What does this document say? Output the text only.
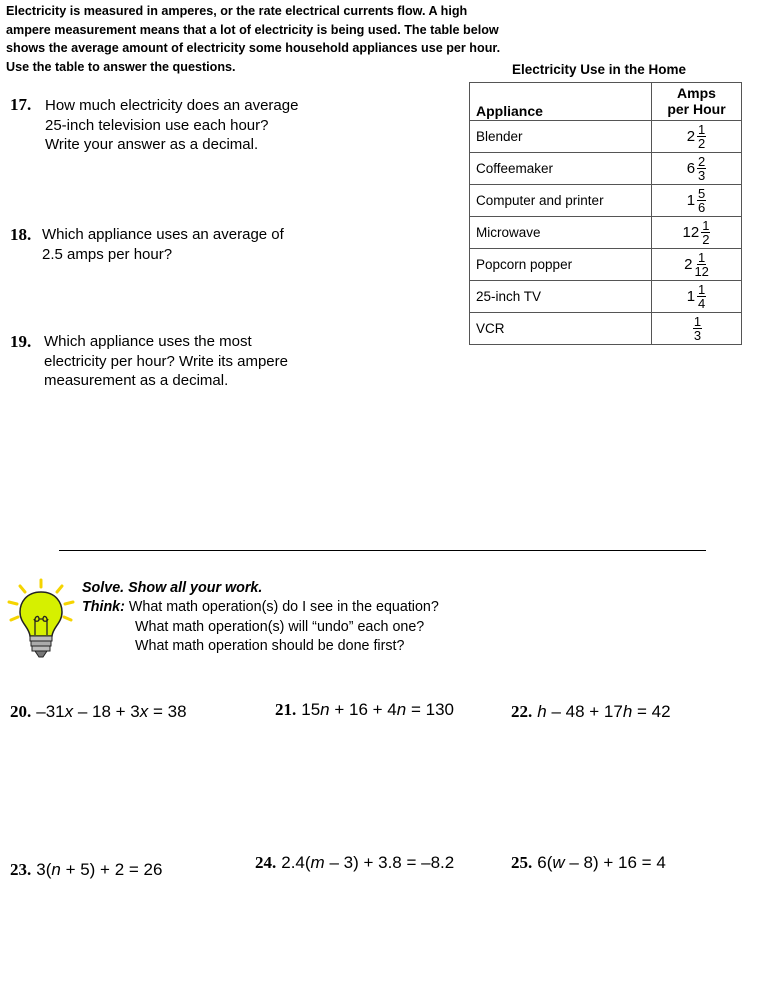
Electricity is measured in amperes, or the rate electrical currents flow. A high ampere measurement means that a lot of electricity is being used. The table below shows the average amount of electricity some household appliances use per hour. Use the table to answer the questions.	Electricity Use in the Home
Appliance	Amps
per Hour
Blender	$2 \frac{1}{2}$

Coffeemaker	$6 \frac{2}{3}$

Computer and printer	$1 \frac{5}{6}$

Microwave	$12 \frac{1}{2}$

Popcorn popper	$2 \frac{1}{12}$

25-inch TV	$1 \frac{1}{4}$

VCR	$\frac{1}{3}$
17. How much electricity does an average
25-inch television use each hour?
Write your answer as a decimal.
18. Which appliance uses an average of
2.5 amps per hour?
19. Which appliance uses the most
electricity per hour? Write its ampere
measurement as a decimal.
Solve. Show all your work.
Think: What math operation(s) do I see in the equation?
What math operation(s) will “undo” each one?
What math operation should be done first?
20. –31x – 18 + 3x = 38	21. 15n + 16 + 4n = 130	22. h – 48 + 17h = 42
23. 3(n + 5) + 2 = 26	24. 2.4(m – 3) + 3.8 = –8.2	25. 6(w – 8) + 16 = 4
